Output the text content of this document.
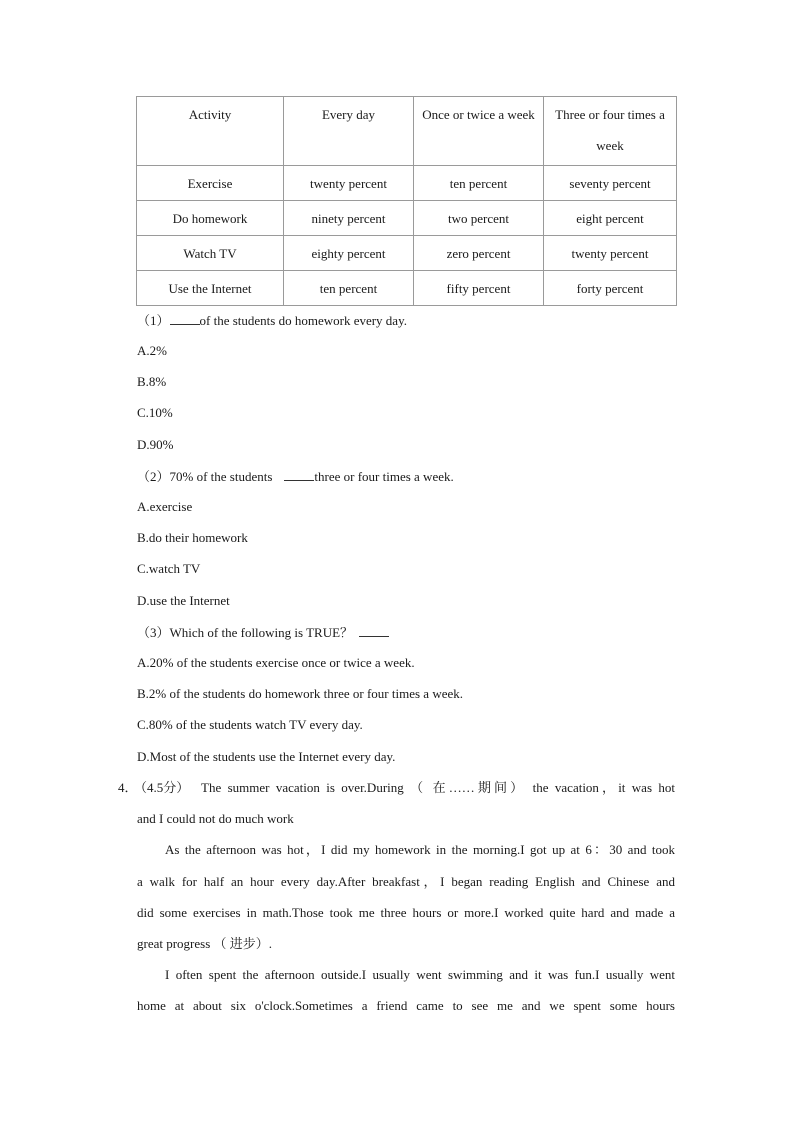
Activity	Every day	Once or twice a week	Three or four times a week
Exercise	twenty percent	ten percent	seventy percent
Do homework	ninety percent	two percent	eight percent
Watch TV	eighty percent	zero percent	twenty percent
Use the Internet	ten percent	fifty percent	forty percent
（1） of the students do homework every day.
A.2%
B.8%
C.10%
D.90%
（2）70% of the students	three or four times a week.
A.exercise
B.do their homework
C.watch TV
D.use the Internet
（3）Which of the following is TRUE？
A.20% of the students exercise once or twice a week.
B.2% of the students do homework three or four times a week.
C.80% of the students watch TV every day.
D.Most of the students use the Internet every day.
4．
（4.5分） The summer vacation is over.During （ 在……期间） the vacation，it was hot
and I could not do much work
As the afternoon was hot，I did my homework in the morning.I got up at 6：30 and took
a walk for half an hour every day.After breakfast，I began reading English and Chinese and
did some exercises in math.Those took me three hours or more.I worked quite hard and made a
great progress （ 进步）.
I often spent the afternoon outside.I usually went swimming and it was fun.I usually went
home at about six o'clock.Sometimes a friend came to see me and we spent some hours
